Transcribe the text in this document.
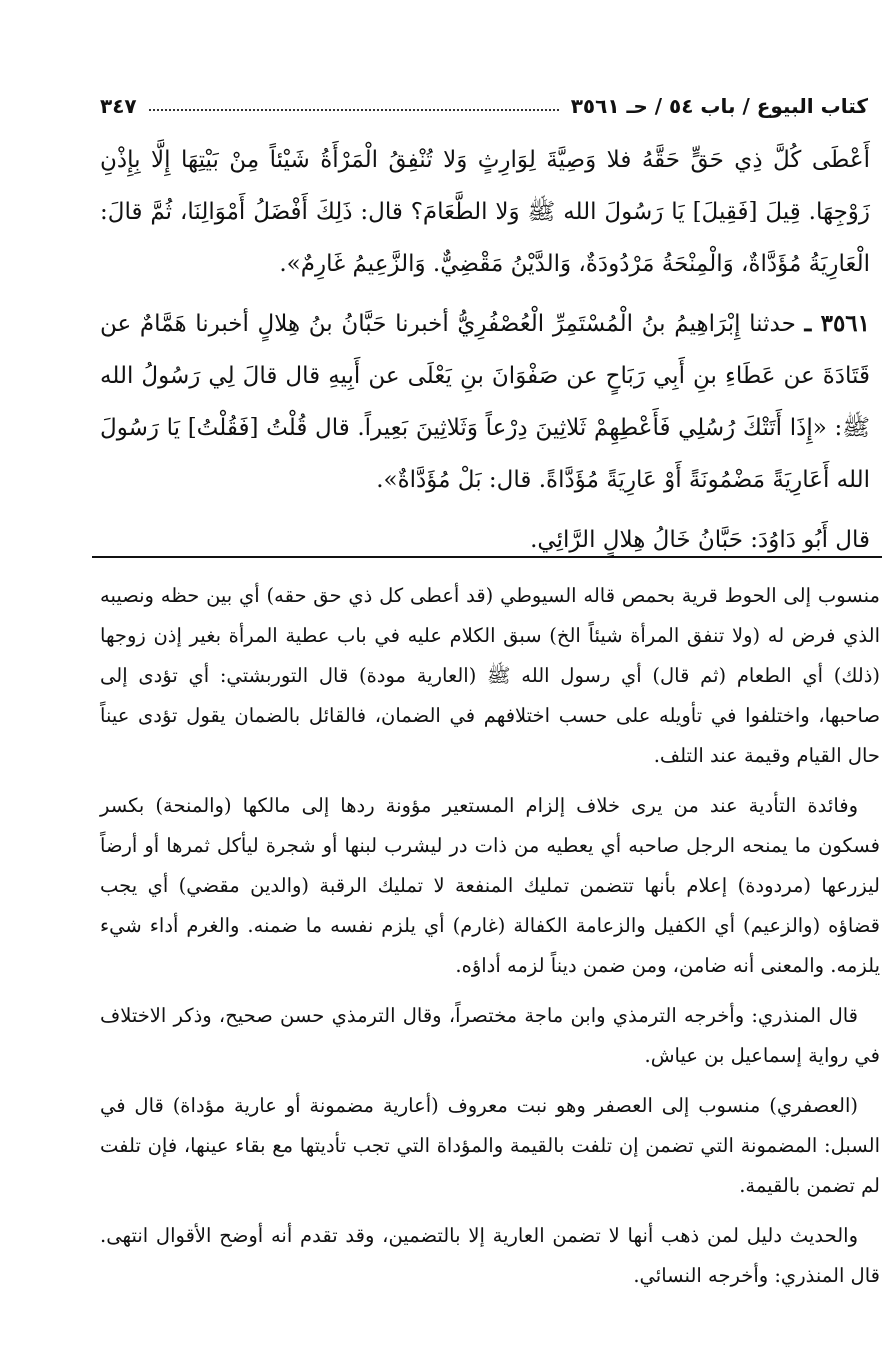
كتاب البيوع / باب ٥٤ / حـ ٣٥٦١
٣٤٧

أَعْطَى كُلَّ ذِي حَقٍّ حَقَّهُ فلا وَصِيَّةَ لِوَارِثٍ وَلا تُنْفِقُ الْمَرْأَةُ شَيْئاً مِنْ بَيْتِهَا إِلَّا بِإِذْنِ زَوْجِهَا. قِيلَ [فَقِيلَ] يَا رَسُولَ الله ﷺ وَلا الطَّعَامَ؟ قال: ذَلِكَ أَفْضَلُ أَمْوَالِنَا، ثُمَّ قالَ: الْعَارِيَةُ مُؤَدَّاةٌ، وَالْمِنْحَةُ مَرْدُودَةٌ، وَالدَّيْنُ مَقْضِيٌّ. وَالزَّعِيمُ غَارِمٌ».

٣٥٦١ ـ حدثنا إِبْرَاهِيمُ بنُ الْمُسْتَمِرِّ الْعُصْفُرِيُّ أخبرنا حَبَّانُ بنُ هِلالٍ أخبرنا هَمَّامٌ عن قَتَادَةَ عن عَطَاءِ بنِ أَبِي رَبَاحٍ عن صَفْوَانَ بنِ يَعْلَى عن أَبِيهِ قال قالَ لِي رَسُولُ الله ﷺ: «إِذَا أَتَتْكَ رُسُلِي فَأَعْطِهِمْ ثَلاثِينَ دِرْعاً وَثَلاثِينَ بَعِيراً. قال قُلْتُ [فَقُلْتُ] يَا رَسُولَ الله أَعَارِيَةً مَضْمُونَةً أَوْ عَارِيَةً مُؤَدَّاةً. قال: بَلْ مُؤَدَّاةٌ».

قال أَبُو دَاوُدَ: حَبَّانُ خَالُ هِلالٍ الرَّائِي.

منسوب إلى الحوط قرية بحمص قاله السيوطي (قد أعطى كل ذي حق حقه) أي بين حظه ونصيبه الذي فرض له (ولا تنفق المرأة شيئاً الخ) سبق الكلام عليه في باب عطية المرأة بغير إذن زوجها (ذلك) أي الطعام (ثم قال) أي رسول الله ﷺ (العارية مودة) قال التوربشتي: أي تؤدى إلى صاحبها، واختلفوا في تأويله على حسب اختلافهم في الضمان، فالقائل بالضمان يقول تؤدى عيناً حال القيام وقيمة عند التلف.

وفائدة التأدية عند من يرى خلاف إلزام المستعير مؤونة ردها إلى مالكها (والمنحة) بكسر فسكون ما يمنحه الرجل صاحبه أي يعطيه من ذات در ليشرب لبنها أو شجرة ليأكل ثمرها أو أرضاً ليزرعها (مردودة) إعلام بأنها تتضمن تمليك المنفعة لا تمليك الرقبة (والدين مقضي) أي يجب قضاؤه (والزعيم) أي الكفيل والزعامة الكفالة (غارم) أي يلزم نفسه ما ضمنه. والغرم أداء شيء يلزمه. والمعنى أنه ضامن، ومن ضمن ديناً لزمه أداؤه.

قال المنذري: وأخرجه الترمذي وابن ماجة مختصراً، وقال الترمذي حسن صحيح، وذكر الاختلاف في رواية إسماعيل بن عياش.

(العصفري) منسوب إلى العصفر وهو نبت معروف (أعارية مضمونة أو عارية مؤداة) قال في السبل: المضمونة التي تضمن إن تلفت بالقيمة والمؤداة التي تجب تأديتها مع بقاء عينها، فإن تلفت لم تضمن بالقيمة.

والحديث دليل لمن ذهب أنها لا تضمن العارية إلا بالتضمين، وقد تقدم أنه أوضح الأقوال انتهى. قال المنذري: وأخرجه النسائي.
